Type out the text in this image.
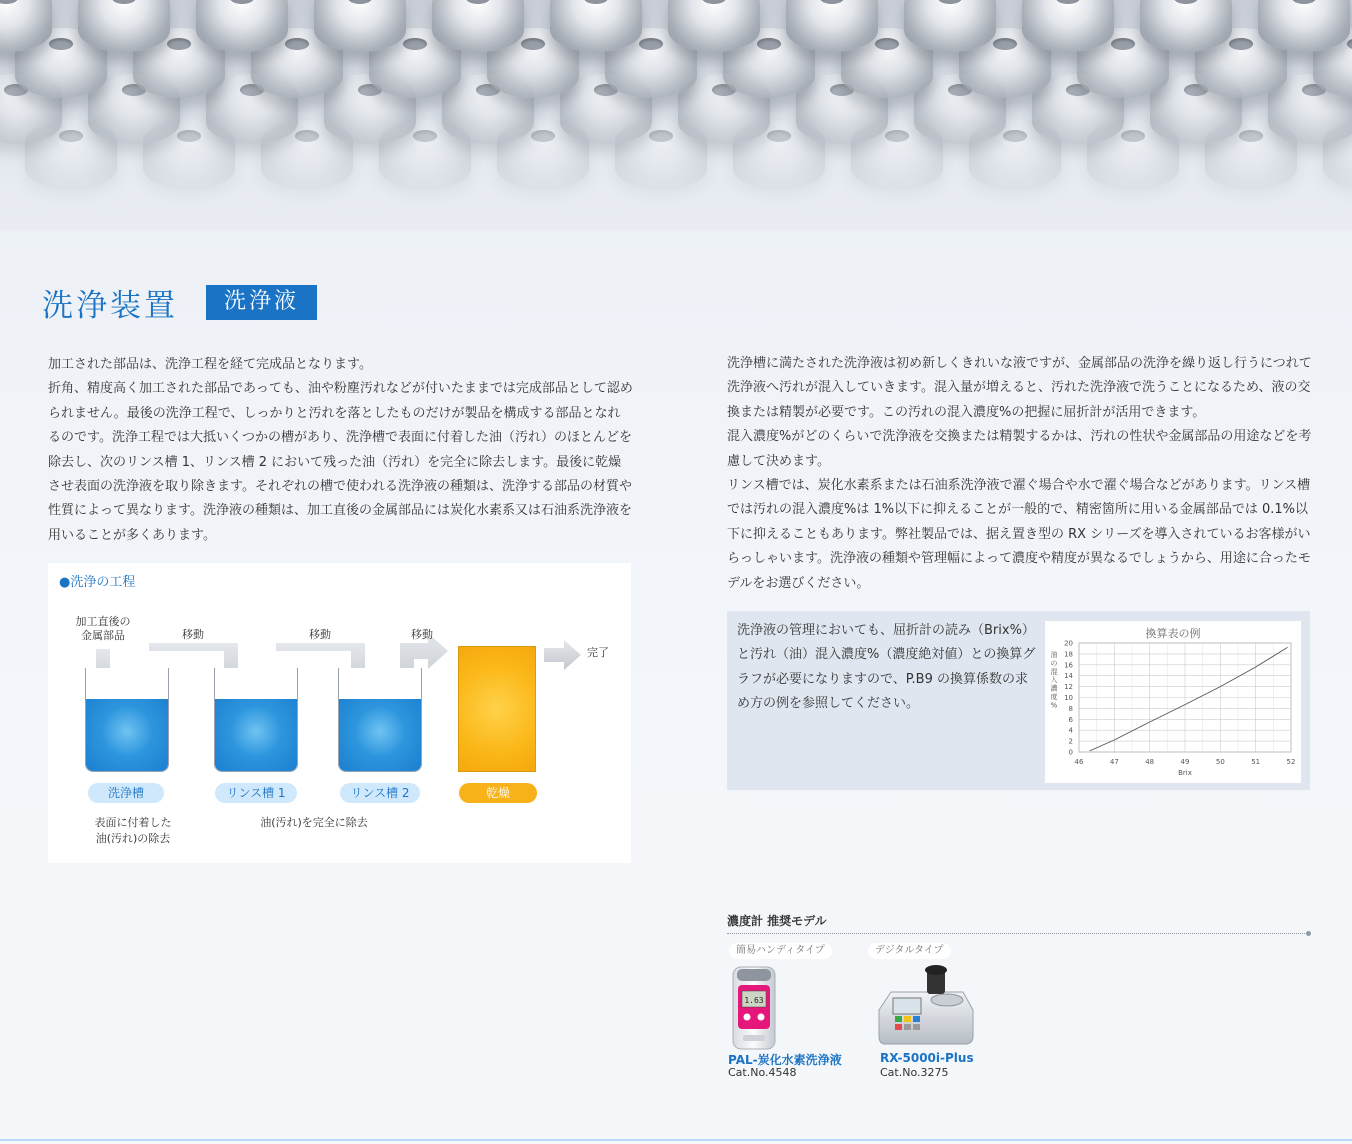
洗浄装置	洗浄液

加工された部品は、洗浄工程を経て完成品となります。

折角、精度高く加工された部品であっても、油や粉塵汚れなどが付いたままでは完成部品として認められません。最後の洗浄工程で、しっかりと汚れを落としたものだけが製品を構成する部品となれるのです。洗浄工程では大抵いくつかの槽があり、洗浄槽で表面に付着した油（汚れ）のほとんどを除去し、次のリンス槽 1、リンス槽 2 において残った油（汚れ）を完全に除去します。最後に乾燥させ表面の洗浄液を取り除きます。それぞれの槽で使われる洗浄液の種類は、洗浄する部品の材質や性質によって異なります。洗浄液の種類は、加工直後の金属部品には炭化水素系又は石油系洗浄液を用いることが多くあります。

洗浄槽に満たされた洗浄液は初め新しくきれいな液ですが、金属部品の洗浄を繰り返し行うにつれて洗浄液へ汚れが混入していきます。混入量が増えると、汚れた洗浄液で洗うことになるため、液の交換または精製が必要です。この汚れの混入濃度%の把握に屈折計が活用できます。

混入濃度%がどのくらいで洗浄液を交換または精製するかは、汚れの性状や金属部品の用途などを考慮して決めます。

リンス槽では、炭化水素系または石油系洗浄液で濯ぐ場合や水で濯ぐ場合などがあります。リンス槽では汚れの混入濃度%は 1%以下に抑えることが一般的で、精密箇所に用いる金属部品では 0.1%以下に抑えることもあります。弊社製品では、据え置き型の RX シリーズを導入されているお客様がいらっしゃいます。洗浄液の種類や管理幅によって濃度や精度が異なるでしょうから、用途に合ったモデルをお選びください。

●洗浄の工程
加工直後の
金属部品	移動	移動	移動
完了
洗浄槽	リンス槽 1	リンス槽 2	乾燥
表面に付着した
油(汚れ)の除去
油(汚れ)を完全に除去
洗浄液の管理においても、屈折計の読み（Brix%）と汚れ（油）混入濃度%（濃度絶対値）との換算グラフが必要になりますので、P.B9 の換算係数の求め方の例を参照してください。
換算表の例
0
2
4
6
8
10
12
14
16
18
20
46	47	48	49	50	51	52
Brix
油
の
混
入
濃
度
%
濃度計 推奨モデル
簡易ハンディタイプ	デジタルタイプ
1.63
PAL-炭化水素洗浄液
Cat.No.4548
RX-5000i-Plus
Cat.No.3275
